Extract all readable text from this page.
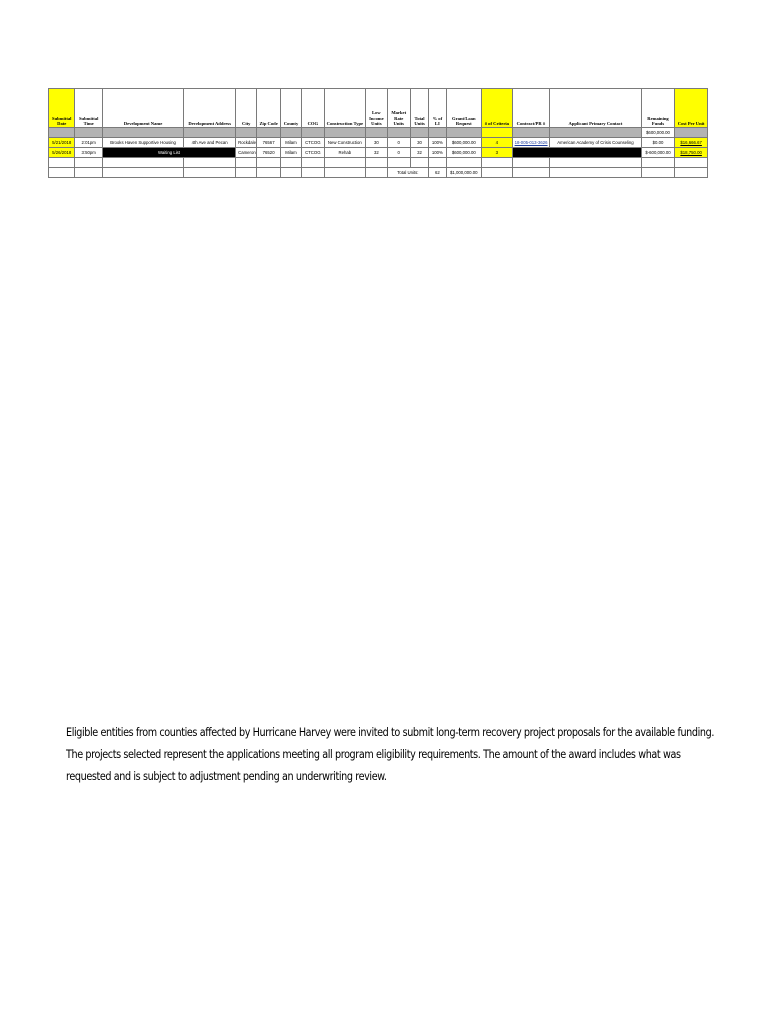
Submittal Date	Submittal Time	Development Name	Development Address	City	Zip Code	County	COG	Construction Type	Low Income Units	Market Rate Units	Total Units	% of LI	Grant/Loan Request	# of Criteria	Contract/PR #	Applicant Primary Contact	Remaining Funds	Cost Per Unit
																	$600,000.00	
5/21/2018	2:01pm	Brooks Haven Supportive Housing	4th Ave and Pecan	Rockdale	76567	Milam	CTCOG	New Construction	30	0	30	100%	$600,000.00	4	18-005-013-3626	American Academy of Crisis Counseling	$0.00	$16,666.67
5/26/2018	3:50pm	Waiting List		Cameron	76520	Milam	CTCOG	Rehab	32	0	32	100%	$600,000.00	3			$-600,000.00	$18,750.00

										Total Units:		62	$1,000,000.00					

Eligible entities from counties affected by Hurricane Harvey were invited to submit long-term recovery project proposals for the available funding. The projects selected represent the applications meeting all program eligibility requirements. The amount of the award includes what was requested and is subject to adjustment pending an underwriting review.
